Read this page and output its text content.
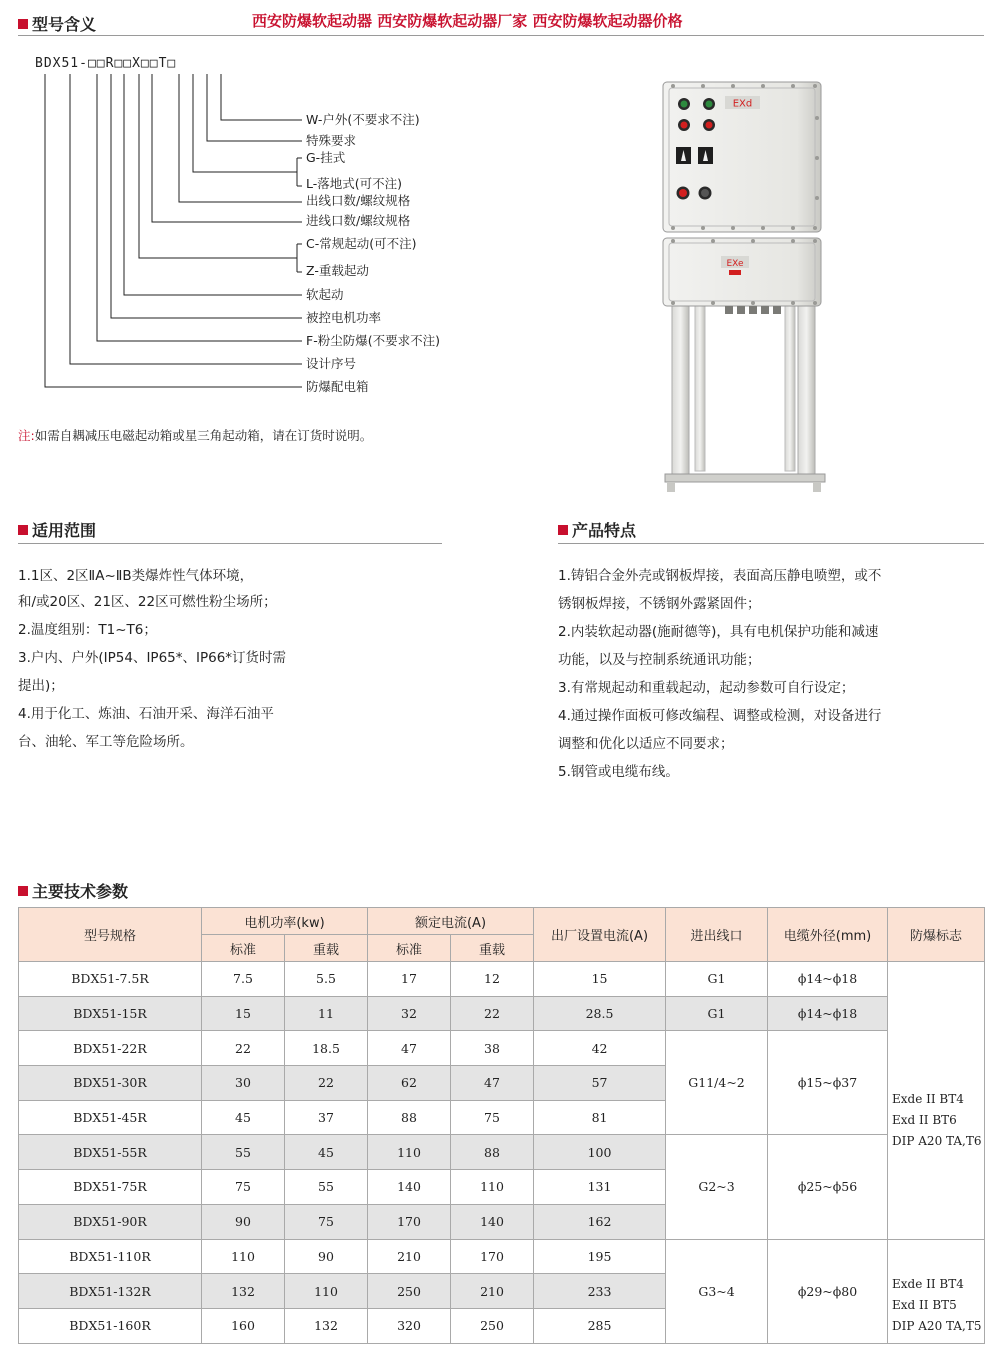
西安防爆软起动器 西安防爆软起动器厂家 西安防爆软起动器价格
型号含义
BDX51-□□R□□X□□T□
W-户外(不要求不注)
特殊要求
G-挂式
L-落地式(可不注)
出线口数/螺纹规格
进线口数/螺纹规格
C-常规起动(可不注)
Z-重载起动
软起动
被控电机功率
F-粉尘防爆(不要求不注)
设计序号
防爆配电箱
注:如需自耦减压电磁起动箱或星三角起动箱，请在订货时说明。
EXd
EXe
适用范围
1.1区、2区ⅡA~ⅡB类爆炸性气体环境，
和/或20区、21区、22区可燃性粉尘场所；
2.温度组别：T1~T6；
3.户内、户外(IP54、IP65*、IP66*订货时需
提出)；
4.用于化工、炼油、石油开采、海洋石油平
台、油轮、军工等危险场所。
产品特点
1.铸铝合金外壳或钢板焊接，表面高压静电喷塑，或不
锈钢板焊接，不锈钢外露紧固件；
2.内装软起动器(施耐德等)，具有电机保护功能和减速
功能，以及与控制系统通讯功能；
3.有常规起动和重载起动，起动参数可自行设定；
4.通过操作面板可修改编程、调整或检测，对设备进行
调整和优化以适应不同要求；
5.钢管或电缆布线。
主要技术参数
型号规格	电机功率(kw)		额定电流(A)		出厂设置电流(A)	进出线口	电缆外径(mm)	防爆标志
	标准	重载	标准	重载				
BDX51-7.5R	7.5	5.5	17	12	15	G1	ϕ14~ϕ18	Exde II BT4
Exd II BT6
DIP A20 TA,T6

BDX51-15R	15	11	32	22	28.5	G1	ϕ14~ϕ18	
BDX51-22R	22	18.5	47	38	42	G11/4~2	ϕ15~ϕ37	
BDX51-30R	30	22	62	47	57			
BDX51-45R	45	37	88	75	81			
BDX51-55R	55	45	110	88	100	G2~3	ϕ25~ϕ56	
BDX51-75R	75	55	140	110	131			
BDX51-90R	90	75	170	140	162			
BDX51-110R	110	90	210	170	195	G3~4	ϕ29~ϕ80	Exde II BT4
Exd II BT5
DIP A20 TA,T5

BDX51-132R	132	110	250	210	233			
BDX51-160R	160	132	320	250	285			
